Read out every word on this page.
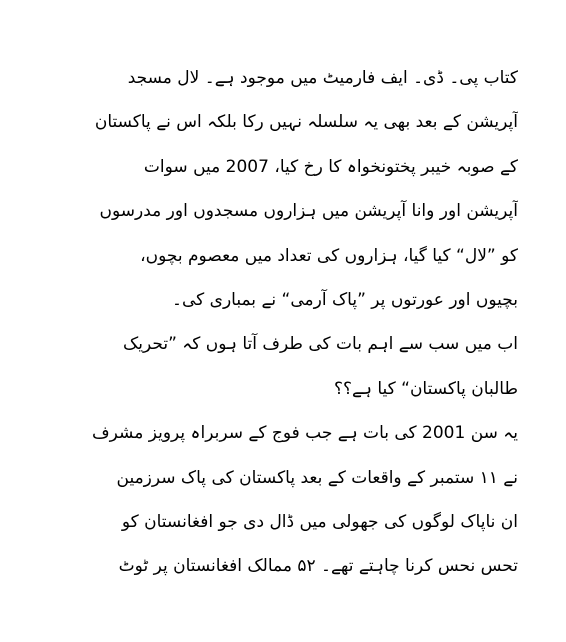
کتاب پی۔ ڈی۔ ایف فارمیٹ میں موجود ہے۔ لال مسجد
آپریشن کے بعد بھی یہ سلسلہ نہیں رکا بلکہ اس نے پاکستان
کے صوبہ خیبر پختونخواہ کا رخ کیا، 2007 میں سوات
آپریشن اور وانا آپریشن میں ہزاروں مسجدوں اور مدرسوں
کو ”لال“ کیا گیا، ہزاروں کی تعداد میں معصوم بچوں،
بچیوں اور عورتوں پر ”پاک آرمی“ نے بمباری کی۔
اب میں سب سے اہم بات کی طرف آتا ہوں کہ ”تحریک
طالبان پاکستان“ کیا ہے؟؟
یہ سن 2001 کی بات ہے جب فوج کے سربراہ پرویز مشرف
نے ۱۱ ستمبر کے واقعات کے بعد پاکستان کی پاک سرزمین
ان ناپاک لوگوں کی جھولی میں ڈال دی جو افغانستان کو
تحس نحس کرنا چاہتے تھے۔ ۵۲ ممالک افغانستان پر ٹوٹ
